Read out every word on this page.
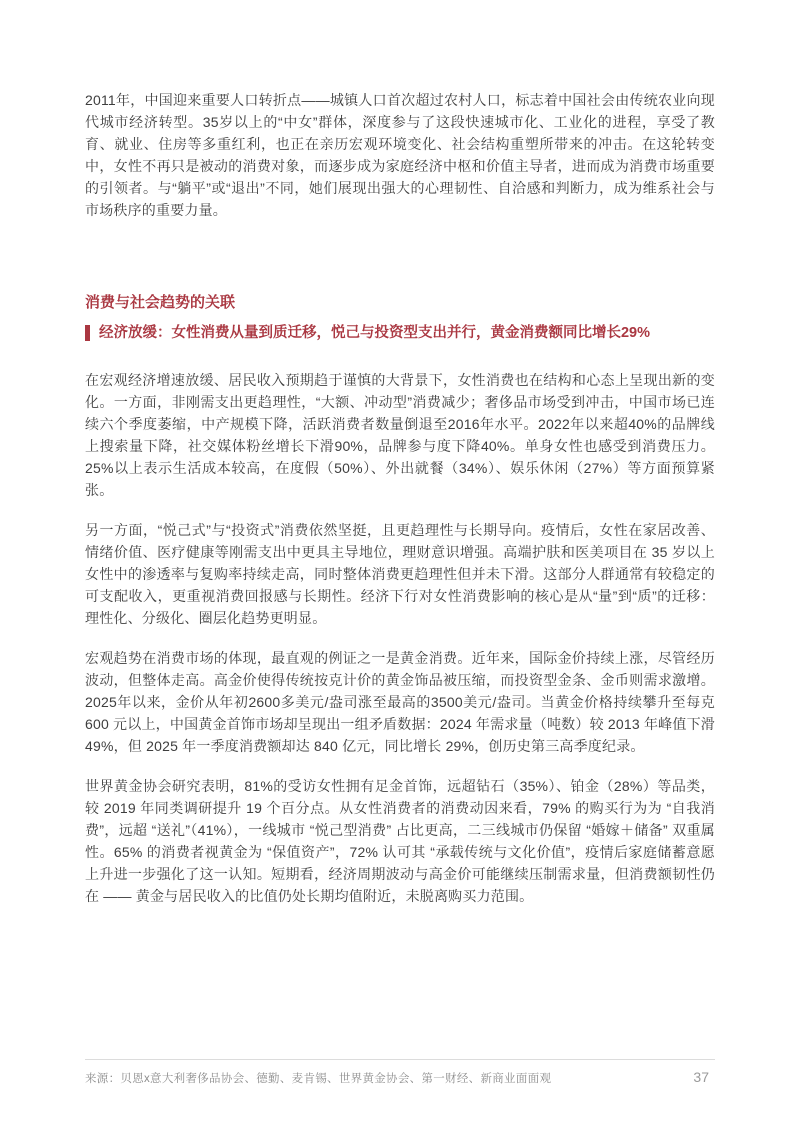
2011年，中国迎来重要人口转折点——城镇人口首次超过农村人口，标志着中国社会由传统农业向现代城市经济转型。35岁以上的“中女”群体，深度参与了这段快速城市化、工业化的进程，享受了教育、就业、住房等多重红利，也正在亲历宏观环境变化、社会结构重塑所带来的冲击。在这轮转变中，女性不再只是被动的消费对象，而逐步成为家庭经济中枢和价值主导者，进而成为消费市场重要的引领者。与“躺平”或“退出”不同，她们展现出强大的心理韧性、自洽感和判断力，成为维系社会与市场秩序的重要力量。

消费与社会趋势的关联
经济放缓：女性消费从量到质迁移，悦己与投资型支出并行，黄金消费额同比增长29%

在宏观经济增速放缓、居民收入预期趋于谨慎的大背景下，女性消费也在结构和心态上呈现出新的变化。一方面，非刚需支出更趋理性，“大额、冲动型”消费减少；奢侈品市场受到冲击，中国市场已连续六个季度萎缩，中产规模下降，活跃消费者数量倒退至2016年水平。2022年以来超40%的品牌线上搜索量下降，社交媒体粉丝增长下滑90%，品牌参与度下降40%。单身女性也感受到消费压力。25%以上表示生活成本较高，在度假（50%）、外出就餐（34%）、娱乐休闲（27%）等方面预算紧张。

另一方面，“悦己式”与“投资式”消费依然坚挺，且更趋理性与长期导向。疫情后，女性在家居改善、情绪价值、医疗健康等刚需支出中更具主导地位，理财意识增强。高端护肤和医美项目在 35 岁以上女性中的渗透率与复购率持续走高，同时整体消费更趋理性但并未下滑。这部分人群通常有较稳定的可支配收入，更重视消费回报感与长期性。经济下行对女性消费影响的核心是从“量”到“质”的迁移：理性化、分级化、圈层化趋势更明显。

宏观趋势在消费市场的体现，最直观的例证之一是黄金消费。近年来，国际金价持续上涨，尽管经历波动，但整体走高。高金价使得传统按克计价的黄金饰品被压缩，而投资型金条、金币则需求激增。2025年以来，金价从年初2600多美元/盎司涨至最高的3500美元/盎司。当黄金价格持续攀升至每克 600 元以上，中国黄金首饰市场却呈现出一组矛盾数据：2024 年需求量（吨数）较 2013 年峰值下滑 49%，但 2025 年一季度消费额却达 840 亿元，同比增长 29%，创历史第三高季度纪录。

世界黄金协会研究表明，81%的受访女性拥有足金首饰，远超钻石（35%）、铂金（28%）等品类，较 2019 年同类调研提升 19 个百分点。从女性消费者的消费动因来看，79% 的购买行为为 “自我消费”，远超 “送礼”（41%），一线城市 “悦己型消费” 占比更高，二三线城市仍保留 “婚嫁＋储备” 双重属性。65% 的消费者视黄金为 “保值资产”，72% 认可其 “承载传统与文化价值”，疫情后家庭储蓄意愿上升进一步强化了这一认知。短期看，经济周期波动与高金价可能继续压制需求量，但消费额韧性仍在 —— 黄金与居民收入的比值仍处长期均值附近，未脱离购买力范围。

来源：贝恩x意大利奢侈品协会、德勤、麦肯锡、世界黄金协会、第一财经、新商业面面观	37
